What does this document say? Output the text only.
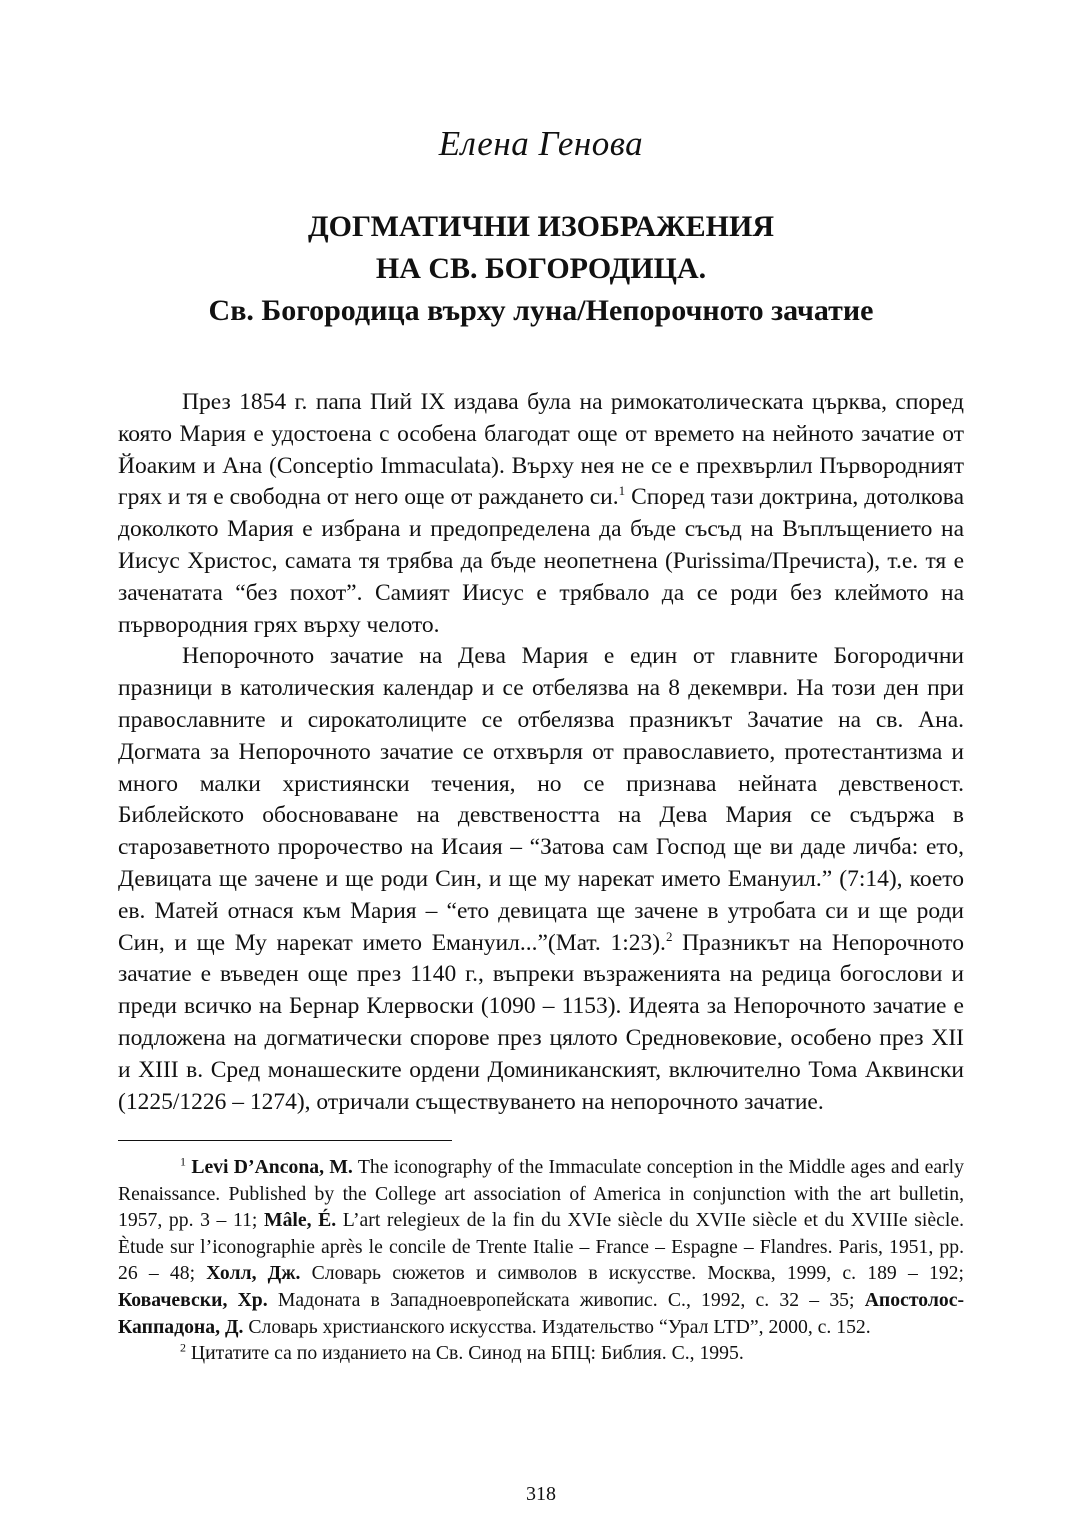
Елена Генова
ДОГМАТИЧНИ ИЗОБРАЖЕНИЯ
НА СВ. БОГОРОДИЦА.
Св. Богородица върху луна/Непорочното зачатие

През 1854 г. папа Пий IX издава була на римокатолическата църква, според която Мария е удостоена с особена благодат още от времето на нейното зачатие от Йоаким и Ана (Conceptio Immaculata). Върху нея не се е прехвърлил Първородният грях и тя е свободна от него още от раждането си.$^1$ Според тази доктрина, дотолкова доколкото Мария е избрана и предопределена да бъде съсъд на Въплъщението на Иисус Христос, самата тя трябва да бъде неопетнена (Purissima/Пречиста), т.е. тя е заченатата “без похот”. Самият Иисус е трябвало да се роди без клеймото на първородния грях върху челото.

Непорочното зачатие на Дева Мария е един от главните Богородични празници в католическия календар и се отбелязва на 8 декември. На този ден при православните и сирокатолиците се отбелязва празникът Зачатие на св. Ана. Догмата за Непорочното зачатие се отхвърля от православието, протестантизма и много малки християнски течения, но се признава нейната девственост. Библейското обосноваване на девствеността на Дева Мария се съдържа в старозаветното пророчество на Исаия – “Затова сам Господ ще ви даде личба: ето, Девицата ще зачене и ще роди Син, и ще му нарекат името Емануил.” (7:14), което ев. Матей отнася към Мария – “ето девицата ще зачене в утробата си и ще роди Син, и ще Му нарекат името Емануил...”(Мат. 1:23).$^2$ Празникът на Непорочното зачатие е въведен още през 1140 г., въпреки възраженията на редица богослови и преди всичко на Бернар Клервоски (1090 – 1153). Идеята за Непорочното зачатие е подложена на догматически спорове през цялото Средновековие, особено през XII и XIII в. Сред монашеските ордени Доминиканският, включително Тома Аквински (1225/1226 – 1274), отричали съществуването на непорочното зачатие.

$^1$ Levi D’Ancona, M. The iconography of the Immaculate conception in the Middle ages and early Renaissance. Published by the College art association of America in conjunction with the art bulletin, 1957, pp. 3 – 11; Mâle, É. L’art relegieux de la fin du XVIe siècle du XVIIe siècle et du XVIIIe siècle. Ètude sur l’iconographie après le concile de Trente Italie – France – Espagne – Flandres. Paris, 1951, pp. 26 – 48; Холл, Дж. Словарь сюжетов и символов в искусстве. Москва, 1999, с. 189 – 192; Ковачевски, Хр. Мадоната в Западноевропейската живопис. С., 1992, с. 32 – 35; Апостолос-Каппадона, Д. Словарь христианского искусства. Издательство “Урал LTD”, 2000, с. 152.

$^2$ Цитатите са по изданието на Св. Синод на БПЦ: Библия. С., 1995.

318
